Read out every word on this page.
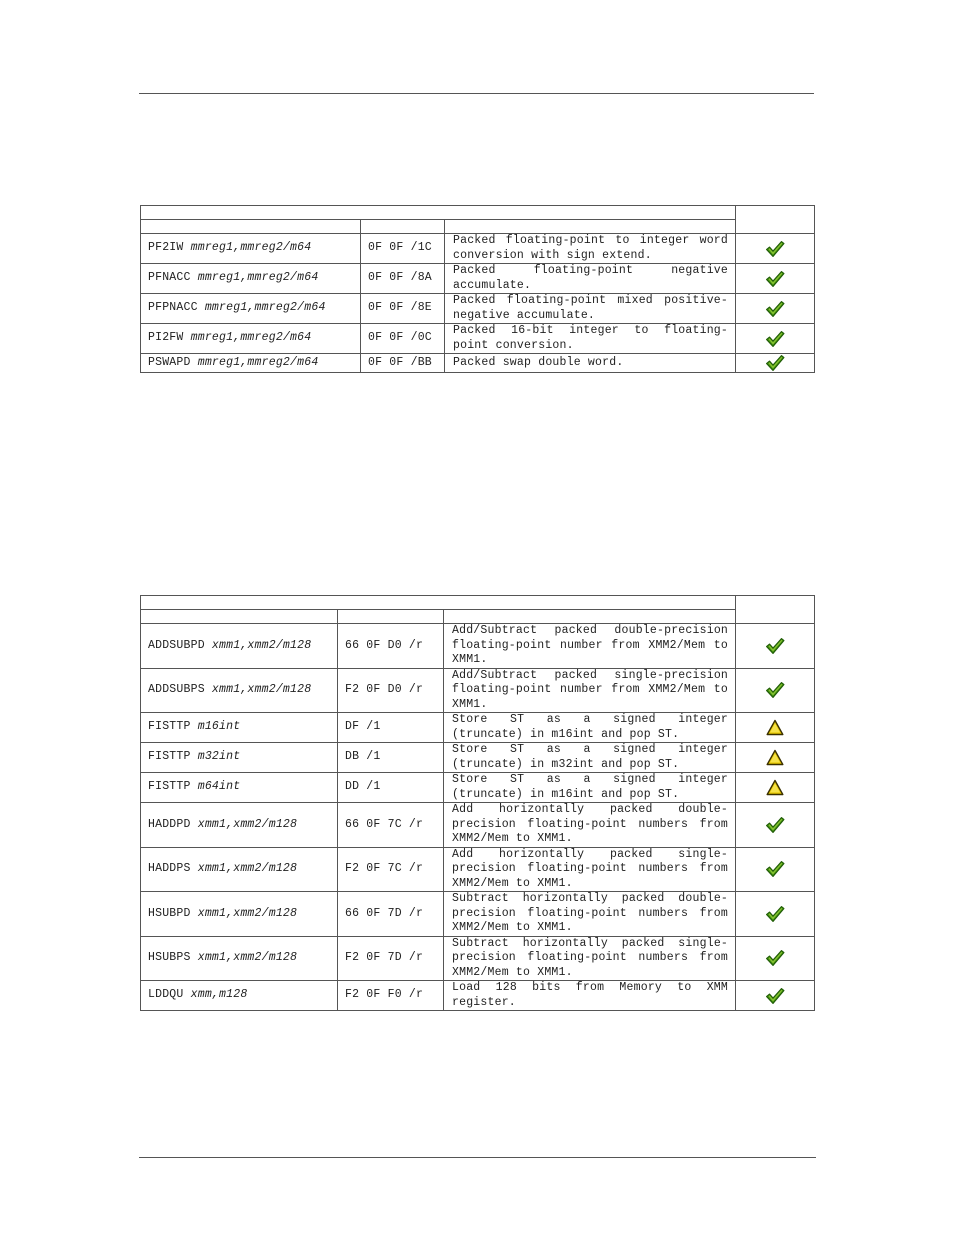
PF2IW mmreg1,mmreg2/m64	0F 0F /1C	Packed floating-point to integer word conversion with sign extend.	
PFNACC mmreg1,mmreg2/m64	0F 0F /8A	Packed floating-point negative accumulate.	
PFPNACC mmreg1,mmreg2/m64	0F 0F /8E	Packed floating-point mixed positive-negative accumulate.	
PI2FW mmreg1,mmreg2/m64	0F 0F /0C	Packed 16-bit integer to floating-point conversion.	
PSWAPD mmreg1,mmreg2/m64	0F 0F /BB	Packed swap double word.	

ADDSUBPD xmm1,xmm2/m128	66 0F D0 /r	Add/Subtract packed double-precision floating-point number from XMM2/Mem to XMM1.	
ADDSUBPS xmm1,xmm2/m128	F2 0F D0 /r	Add/Subtract packed single-precision floating-point number from XMM2/Mem to XMM1.	
FISTTP m16int	DF /1	Store ST as a signed integer (truncate) in m16int and pop ST.	
FISTTP m32int	DB /1	Store ST as a signed integer (truncate) in m32int and pop ST.	
FISTTP m64int	DD /1	Store ST as a signed integer (truncate) in m16int and pop ST.	
HADDPD xmm1,xmm2/m128	66 0F 7C /r	Add horizontally packed double-precision floating-point numbers from XMM2/Mem to XMM1.	
HADDPS xmm1,xmm2/m128	F2 0F 7C /r	Add horizontally packed single-precision floating-point numbers from XMM2/Mem to XMM1.	
HSUBPD xmm1,xmm2/m128	66 0F 7D /r	Subtract horizontally packed double-precision floating-point numbers from XMM2/Mem to XMM1.	
HSUBPS xmm1,xmm2/m128	F2 0F 7D /r	Subtract horizontally packed single-precision floating-point numbers from XMM2/Mem to XMM1.	
LDDQU xmm,m128	F2 0F F0 /r	Load 128 bits from Memory to XMM register.	
